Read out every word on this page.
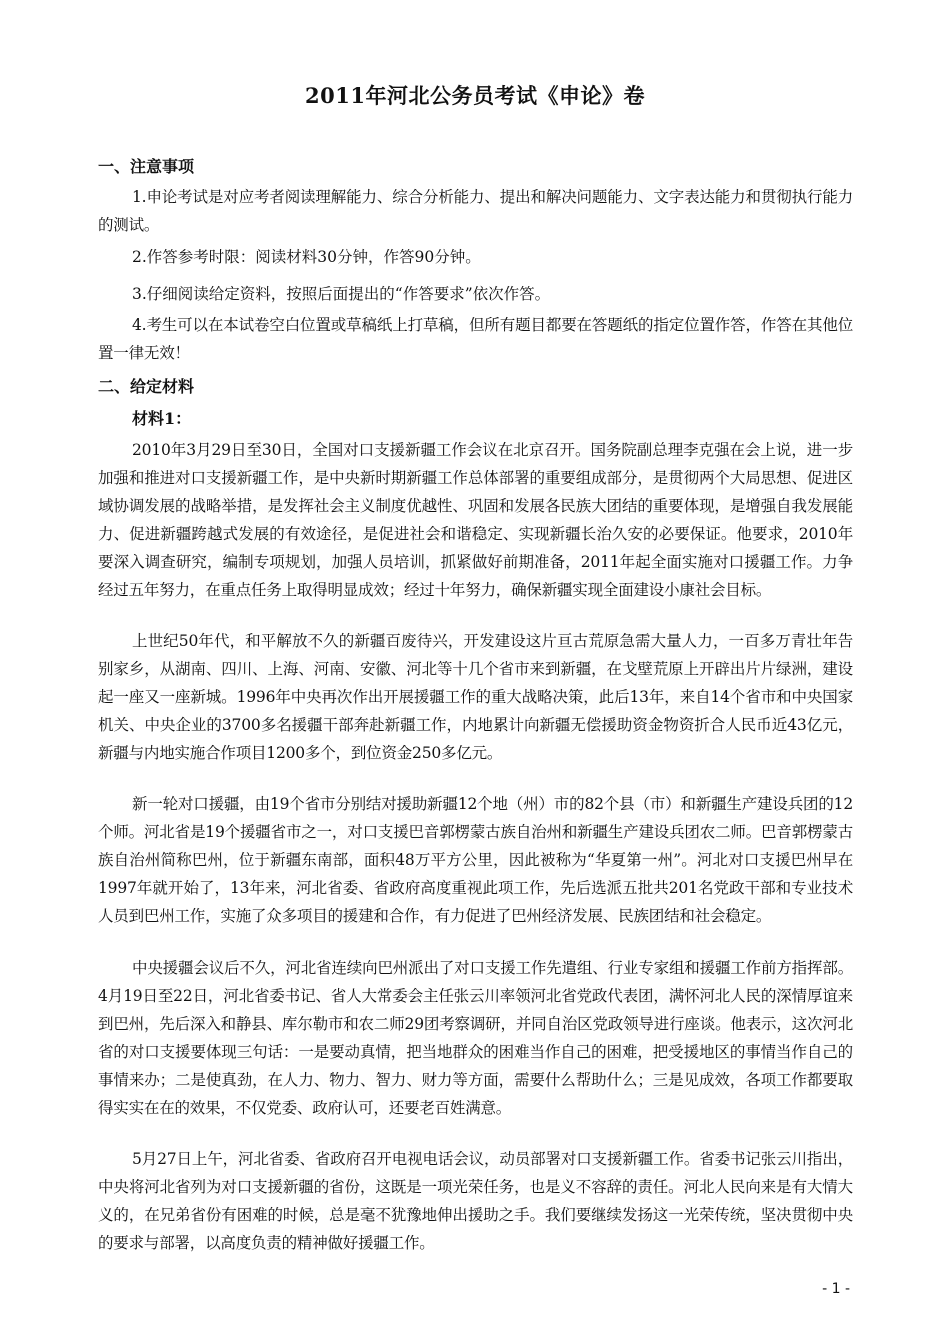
2011年河北公务员考试《申论》卷
一、注意事项

1.申论考试是对应考者阅读理解能力、综合分析能力、提出和解决问题能力、文字表达能力和贯彻执行能力的测试。

2.作答参考时限：阅读材料30分钟，作答90分钟。

3.仔细阅读给定资料，按照后面提出的“作答要求”依次作答。

4.考生可以在本试卷空白位置或草稿纸上打草稿，但所有题目都要在答题纸的指定位置作答，作答在其他位置一律无效！

二、给定材料
材料1：

2010年3月29日至30日，全国对口支援新疆工作会议在北京召开。国务院副总理李克强在会上说，进一步加强和推进对口支援新疆工作，是中央新时期新疆工作总体部署的重要组成部分，是贯彻两个大局思想、促进区域协调发展的战略举措，是发挥社会主义制度优越性、巩固和发展各民族大团结的重要体现，是增强自我发展能力、促进新疆跨越式发展的有效途径，是促进社会和谐稳定、实现新疆长治久安的必要保证。他要求，2010年要深入调查研究，编制专项规划，加强人员培训，抓紧做好前期准备，2011年起全面实施对口援疆工作。力争经过五年努力，在重点任务上取得明显成效；经过十年努力，确保新疆实现全面建设小康社会目标。

上世纪50年代，和平解放不久的新疆百废待兴，开发建设这片亘古荒原急需大量人力，一百多万青壮年告别家乡，从湖南、四川、上海、河南、安徽、河北等十几个省市来到新疆，在戈壁荒原上开辟出片片绿洲，建设起一座又一座新城。1996年中央再次作出开展援疆工作的重大战略决策，此后13年，来自14个省市和中央国家机关、中央企业的3700多名援疆干部奔赴新疆工作，内地累计向新疆无偿援助资金物资折合人民币近43亿元，新疆与内地实施合作项目1200多个，到位资金250多亿元。

新一轮对口援疆，由19个省市分别结对援助新疆12个地（州）市的82个县（市）和新疆生产建设兵团的12个师。河北省是19个援疆省市之一，对口支援巴音郭楞蒙古族自治州和新疆生产建设兵团农二师。巴音郭楞蒙古族自治州简称巴州，位于新疆东南部，面积48万平方公里，因此被称为“华夏第一州”。河北对口支援巴州早在1997年就开始了，13年来，河北省委、省政府高度重视此项工作，先后选派五批共201名党政干部和专业技术人员到巴州工作，实施了众多项目的援建和合作，有力促进了巴州经济发展、民族团结和社会稳定。

中央援疆会议后不久，河北省连续向巴州派出了对口支援工作先遣组、行业专家组和援疆工作前方指挥部。4月19日至22日，河北省委书记、省人大常委会主任张云川率领河北省党政代表团，满怀河北人民的深情厚谊来到巴州，先后深入和静县、库尔勒市和农二师29团考察调研，并同自治区党政领导进行座谈。他表示，这次河北省的对口支援要体现三句话：一是要动真情，把当地群众的困难当作自己的困难，把受援地区的事情当作自己的事情来办；二是使真劲，在人力、物力、智力、财力等方面，需要什么帮助什么；三是见成效，各项工作都要取得实实在在的效果，不仅党委、政府认可，还要老百姓满意。

5月27日上午，河北省委、省政府召开电视电话会议，动员部署对口支援新疆工作。省委书记张云川指出，中央将河北省列为对口支援新疆的省份，这既是一项光荣任务，也是义不容辞的责任。河北人民向来是有大情大义的，在兄弟省份有困难的时候，总是毫不犹豫地伸出援助之手。我们要继续发扬这一光荣传统，坚决贯彻中央的要求与部署，以高度负责的精神做好援疆工作。

- 1 -
